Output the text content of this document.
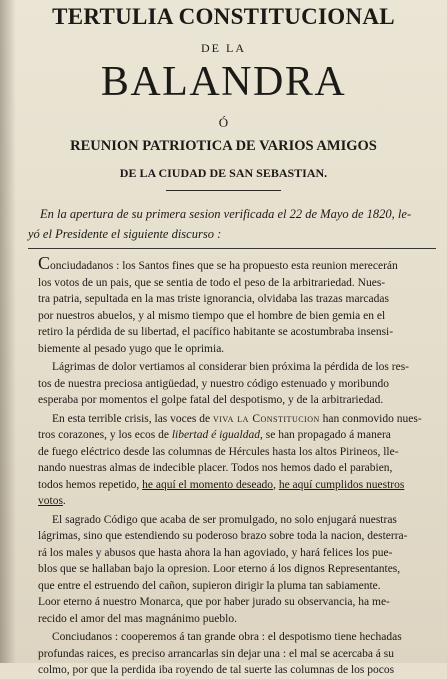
TERTULIA CONSTITUCIONAL
DE LA
BALANDRA
Ó
REUNION PATRIOTICA DE VARIOS AMIGOS
DE LA CIUDAD DE SAN SEBASTIAN.
En la apertura de su primera sesion verificada el 22 de Mayo de 1820, le-
yó el Presidente el siguiente discurso :
Conciudadanos : los Santos fines que se ha propuesto esta reunion merecerán
los votos de un pais, que se sentia de todo el peso de la arbitrariedad. Nues-
tra patria, sepultada en la mas triste ignorancia, olvidaba las trazas marcadas
por nuestros abuelos, y al mismo tiempo que el hombre de bien gemia en el
retiro la pérdida de su libertad, el pacífico habitante se acostumbraba insensi-
biemente al pesado yugo que le oprimia.
Lágrimas de dolor vertiamos al considerar bien próxima la pérdida de los res-
tos de nuestra preciosa antigüedad, y nuestro código estenuado y moribundo
esperaba por momentos el golpe fatal del despotismo, y de la arbitrariedad.
En esta terrible crisis, las voces de viva la Constitucion han conmovido nues-
tros corazones, y los ecos de libertad é igualdad, se han propagado á manera
de fuego eléctrico desde las columnas de Hércules hasta los altos Pirineos, lle-
nando nuestras almas de indecible placer. Todos nos hemos dado el parabien,
todos hemos repetido, he aquí el momento deseado, he aquí cumplidos nuestros
votos.
El sagrado Código que acaba de ser promulgado, no solo enjugará nuestras
lágrimas, sino que estendiendo su poderoso brazo sobre toda la nacion, desterra-
rá los males y abusos que hasta ahora la han agoviado, y hará felices los pue-
blos que se hallaban bajo la opresion. Loor eterno á los dignos Representantes,
que entre el estruendo del cañon, supieron dirigir la pluma tan sabiamente.
Loor eterno á nuestro Monarca, que por haber jurado su observancia, ha me-
recido el amor del mas magnánimo pueblo.
Conciudanos : cooperemos á tan grande obra : el despotismo tiene hechadas
profundas raices, es preciso arrancarlas sin dejar una : el mal se acercaba á su
colmo, por que la perdida iba royendo de tal suerte las columnas de los pocos
